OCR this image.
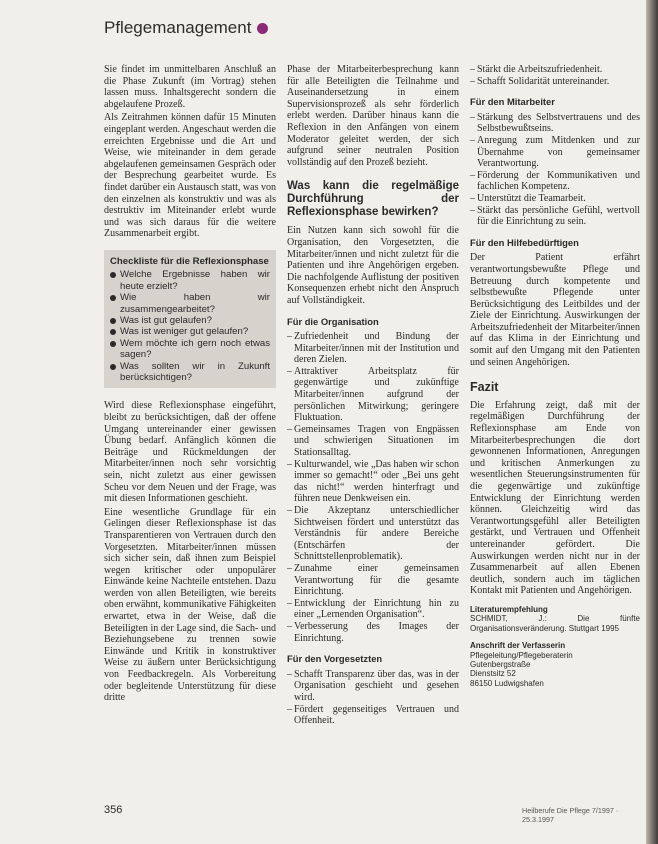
Pflegemanagement

Sie findet im unmittelbaren Anschluß an die Phase Zukunft (im Vortrag) stehen lassen muss. Inhaltsgerecht sondern die abgelaufene Prozeß.

Als Zeitrahmen können dafür 15 Minuten eingeplant werden. Angeschaut werden die erreichten Ergebnisse und die Art und Weise, wie miteinander in dem gerade abgelaufenen gemeinsamen Gespräch oder der Besprechung gearbeitet wurde. Es findet darüber ein Austausch statt, was von den einzelnen als konstruktiv und was als destruktiv im Miteinander erlebt wurde und was sich daraus für die weitere Zusammenarbeit ergibt.

Checkliste für die Reflexionsphase
Welche Ergebnisse haben wir heute erzielt?
Wie haben wir zusammengearbeitet?
Was ist gut gelaufen?
Was ist weniger gut gelaufen?
Wem möchte ich gern noch etwas sagen?
Was sollten wir in Zukunft berücksichtigen?

Wird diese Reflexionsphase eingeführt, bleibt zu berücksichtigen, daß der offene Umgang untereinander einer gewissen Übung bedarf. Anfänglich können die Beiträge und Rückmeldungen der Mitarbeiter/innen noch sehr vorsichtig sein, nicht zuletzt aus einer gewissen Scheu vor dem Neuen und der Frage, was mit diesen Informationen geschieht.

Eine wesentliche Grundlage für ein Gelingen dieser Reflexionsphase ist das Transparentieren von Vertrauen durch den Vorgesetzten. Mitarbeiter/innen müssen sich sicher sein, daß ihnen zum Beispiel wegen kritischer oder unpopulärer Einwände keine Nachteile entstehen. Dazu werden von allen Beteiligten, wie bereits oben erwähnt, kommunikative Fähigkeiten erwartet, etwa in der Weise, daß die Beteiligten in der Lage sind, die Sach- und Beziehungsebene zu trennen sowie Einwände und Kritik in konstruktiver Weise zu äußern unter Berücksichtigung von Feedbackregeln. Als Vorbereitung oder begleitende Unterstützung für diese dritte

Phase der Mitarbeiterbesprechung kann für alle Beteiligten die Teilnahme und Auseinandersetzung in einem Supervisionsprozeß als sehr förderlich erlebt werden. Darüber hinaus kann die Reflexion in den Anfängen von einem Moderator geleitet werden, der sich aufgrund seiner neutralen Position vollständig auf den Prozeß bezieht.

Was kann die regelmäßige Durchführung der Reflexionsphase bewirken?

Ein Nutzen kann sich sowohl für die Organisation, den Vorgesetzten, die Mitarbeiter/innen und nicht zuletzt für die Patienten und ihre Angehörigen ergeben. Die nachfolgende Auflistung der positiven Konsequenzen erhebt nicht den Anspruch auf Vollständigkeit.

Für die Organisation
– Zufriedenheit und Bindung der Mitarbeiter/innen mit der Institution und deren Zielen.
– Attraktiver Arbeitsplatz für gegenwärtige und zukünftige Mitarbeiter/innen aufgrund der persönlichen Mitwirkung; geringere Fluktuation.
– Gemeinsames Tragen von Engpässen und schwierigen Situationen im Stationsalltag.
– Kulturwandel, wie „Das haben wir schon immer so gemacht!“ oder „Bei uns geht das nicht!“ werden hinterfragt und führen neue Denkweisen ein.
– Die Akzeptanz unterschiedlicher Sichtweisen fördert und unterstützt das Verständnis für andere Bereiche (Entschärfen der Schnittstellenproblematik).
– Zunahme einer gemeinsamen Verantwortung für die gesamte Einrichtung.
– Entwicklung der Einrichtung hin zu einer „Lernenden Organisation“.
– Verbesserung des Images der Einrichtung.
Für den Vorgesetzten
– Schafft Transparenz über das, was in der Organisation geschieht und gesehen wird.
– Fördert gegenseitiges Vertrauen und Offenheit.
– Stärkt die Arbeitszufriedenheit.
– Schafft Solidarität untereinander.
Für den Mitarbeiter
– Stärkung des Selbstvertrauens und des Selbstbewußtseins.
– Anregung zum Mitdenken und zur Übernahme von gemeinsamer Verantwortung.
– Förderung der Kommunikativen und fachlichen Kompetenz.
– Unterstützt die Teamarbeit.
– Stärkt das persönliche Gefühl, wertvoll für die Einrichtung zu sein.
Für den Hilfebedürftigen

Der Patient erfährt verantwortungsbewußte Pflege und Betreuung durch kompetente und selbstbewußte Pflegende unter Berücksichtigung des Leitbildes und der Ziele der Einrichtung. Auswirkungen der Arbeitszufriedenheit der Mitarbeiter/innen auf das Klima in der Einrichtung und somit auf den Umgang mit den Patienten und seinen Angehörigen.

Fazit

Die Erfahrung zeigt, daß mit der regelmäßigen Durchführung der Reflexionsphase am Ende von Mitarbeiterbesprechungen die dort gewonnenen Informationen, Anregungen und kritischen Anmerkungen zu wesentlichen Steuerungsinstrumenten für die gegenwärtige und zukünftige Entwicklung der Einrichtung werden können. Gleichzeitig wird das Verantwortungsgefühl aller Beteiligten gestärkt, und Vertrauen und Offenheit untereinander gefördert. Die Auswirkungen werden nicht nur in der Zusammenarbeit auf allen Ebenen deutlich, sondern auch im täglichen Kontakt mit Patienten und Angehörigen.

Literaturempfehlung
SCHMIDT, J.: Die fünfte Organisationsveränderung. Stuttgart 1995
Anschrift der Verfasserin
Pflegeleitung/Pflegeberaterin
Gutenbergstraße
Dienstsitz 52
86150 Ludwigshafen
356	Heilberufe Die Pflege 7/1997 · 25.3.1997
